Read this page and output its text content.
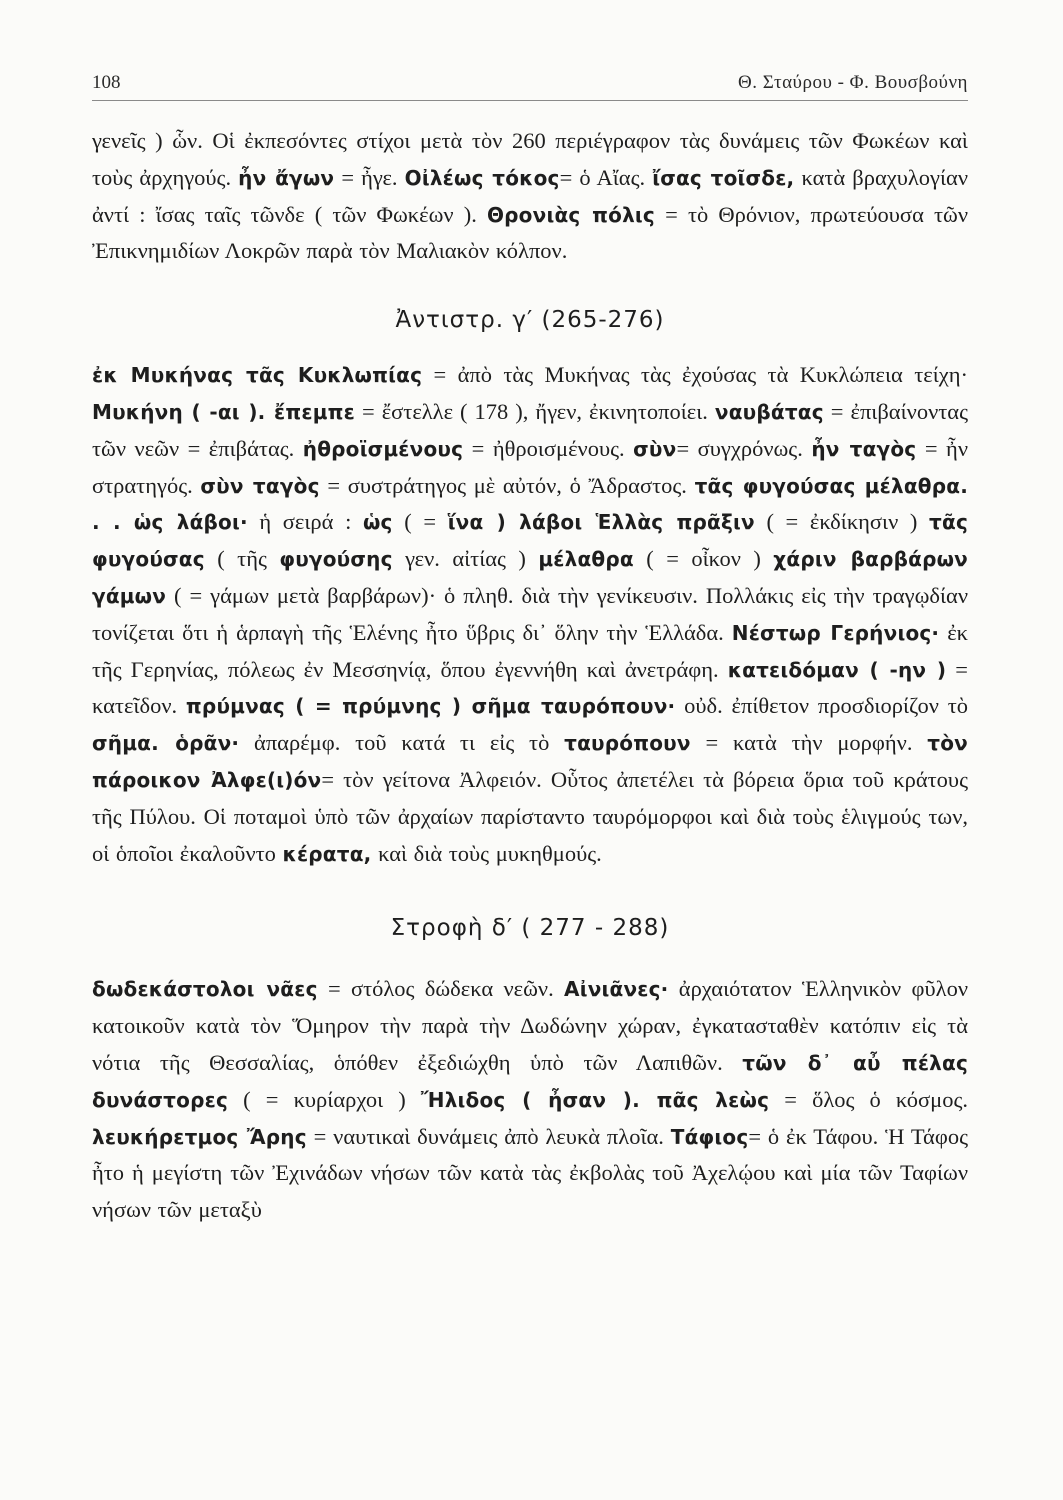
108	Θ. Σταύρου - Φ. Βουσβούνη

γενεῖς ) ὧν. Οἱ ἐκπεσόντες στίχοι μετὰ τὸν 260 περιέγραφον τὰς δυνάμεις τῶν Φωκέων καὶ τοὺς ἀρχηγούς. ἦν ἄγων = ἦγε. Οἰλέως τόκος= ὁ Αἴας. ἴσας τοῖσδε, κατὰ βραχυλογίαν ἀντί : ἴσας ταῖς τῶνδε ( τῶν Φωκέων ). Θρονιὰς πόλις = τὸ Θρόνιον, πρωτεύουσα τῶν Ἐπικνημιδίων Λοκρῶν παρὰ τὸν Μαλιακὸν κόλπον.

Ἀντιστρ. γ′ (265-276)

ἐκ Μυκήνας τᾶς Κυκλωπίας = ἀπὸ τὰς Μυκήνας τὰς ἐχούσας τὰ Κυκλώπεια τείχη· Μυκήνη ( -αι ). ἔπεμπε = ἔστελλε ( 178 ), ἤγεν, ἐκινητοποίει. ναυβάτας = ἐπιβαίνοντας τῶν νεῶν = ἐπιβάτας. ἠθροϊσμένους = ἠθροισμένους. σὺν= συγχρόνως. ἦν ταγὸς = ἦν στρατηγός. σὺν ταγὸς = συστράτηγος μὲ αὐτόν, ὁ Ἄδραστος. τᾶς φυγούσας μέλαθρα. . . ὡς λάβοι· ἡ σειρά : ὡς ( = ἵνα ) λάβοι Ἑλλὰς πρᾶξιν ( = ἐκδίκησιν ) τᾶς φυγούσας ( τῆς φυγούσης γεν. αἰτίας ) μέλαθρα ( = οἶκον ) χάριν βαρβάρων γάμων ( = γάμων μετὰ βαρβάρων)· ὁ πληθ. διὰ τὴν γενίκευσιν. Πολλάκις εἰς τὴν τραγῳδίαν τονίζεται ὅτι ἡ ἁρπαγὴ τῆς Ἑλένης ἦτο ὕβρις δι᾿ ὅλην τὴν Ἑλλάδα. Νέστωρ Γερήνιος· ἐκ τῆς Γερηνίας, πόλεως ἐν Μεσσηνίᾳ, ὅπου ἐγεννήθη καὶ ἀνετράφη. κατειδόμαν ( -ην ) = κατεῖδον. πρύμνας ( = πρύμνης ) σῆμα ταυρόπουν· οὐδ. ἐπίθετον προσδιορίζον τὸ σῆμα. ὁρᾶν· ἀπαρέμφ. τοῦ κατά τι εἰς τὸ ταυρόπουν = κατὰ τὴν μορφήν. τὸν πάροικον Ἀλφε(ι)όν= τὸν γείτονα Ἀλφειόν. Οὗτος ἀπετέλει τὰ βόρεια ὅρια τοῦ κράτους τῆς Πύλου. Οἱ ποταμοὶ ὑπὸ τῶν ἀρχαίων παρίσταντο ταυρόμορφοι καὶ διὰ τοὺς ἑλιγμούς των, οἱ ὁποῖοι ἐκαλοῦντο κέρατα, καὶ διὰ τοὺς μυκηθμούς.

Στροφὴ δ′ ( 277 - 288)

δωδεκάστολοι νᾶες = στόλος δώδεκα νεῶν. Αἰνιᾶνες· ἀρχαιότατον Ἑλληνικὸν φῦλον κατοικοῦν κατὰ τὸν Ὅμηρον τὴν παρὰ τὴν Δωδώνην χώραν, ἐγκατασταθὲν κατόπιν εἰς τὰ νότια τῆς Θεσσαλίας, ὁπόθεν ἐξεδιώχθη ὑπὸ τῶν Λαπιθῶν. τῶν δ᾿ αὖ πέλας δυνάστορες ( = κυρίαρχοι ) Ἤλιδος ( ἦσαν ). πᾶς λεὼς = ὅλος ὁ κόσμος. λευκήρετμος Ἄρης = ναυτικαὶ δυνάμεις ἀπὸ λευκὰ πλοῖα. Τάφιος= ὁ ἐκ Τάφου. Ἡ Τάφος ἦτο ἡ μεγίστη τῶν Ἐχινάδων νήσων τῶν κατὰ τὰς ἐκβολὰς τοῦ Ἀχελῴου καὶ μία τῶν Ταφίων νήσων τῶν μεταξὺ
